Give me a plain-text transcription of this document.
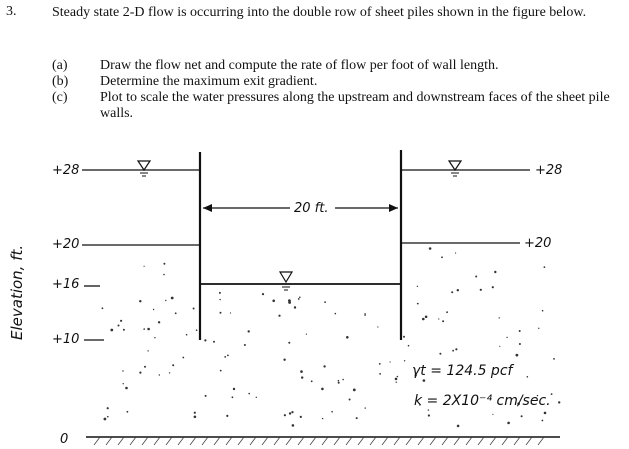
3.	Steady state 2-D flow is occurring into the double row of sheet piles shown in the figure below.
(a)	Draw the flow net and compute the rate of flow per foot of wall length.
(b)	Determine the maximum exit gradient.
(c)	Plot to scale the water pressures along the upstream and downstream faces of the sheet pile walls.
Elevation, ft.
+28
+20
+16
+10
0
20 ft.
+28
+20
γt = 124.5 pcf
k = 2X10⁻⁴ cm/sec.
